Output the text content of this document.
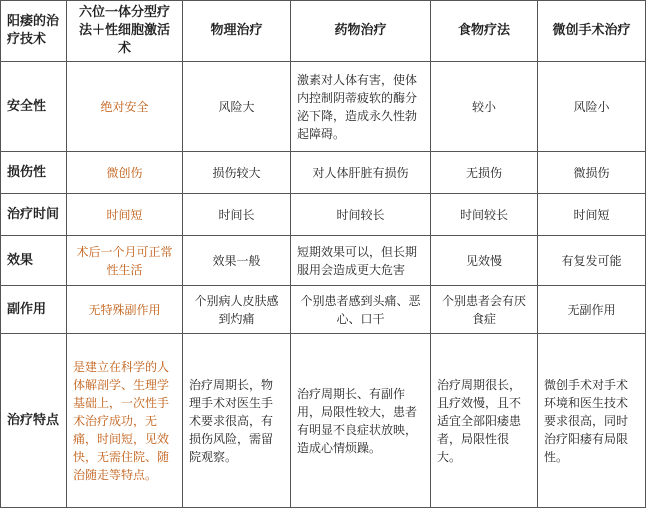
阳痿的治疗技术	六位一体分型疗法＋性细胞激活术	物理治疗	药物治疗	食物疗法	微创手术治疗
安全性	绝对安全	风险大	激素对人体有害，使体内控制阴蒂疲软的酶分泌下降，造成永久性勃起障碍。	较小	风险小
损伤性	微创伤	损伤较大	对人体肝脏有损伤	无损伤	微损伤
治疗时间	时间短	时间长	时间较长	时间较长	时间短
效果	术后一个月可正常性生活	效果一般	短期效果可以，但长期服用会造成更大危害	见效慢	有复发可能
副作用	无特殊副作用	个别病人皮肤感到灼痛	个别患者感到头痛、恶心、口干	个别患者会有厌食症	无副作用
治疗特点	是建立在科学的人体解剖学、生理学基础上，一次性手术治疗成功，无痛，时间短，见效快，无需住院、随治随走等特点。	治疗周期长，物理手术对医生手术要求很高，有损伤风险，需留院观察。	治疗周期长、有副作用，局限性较大，患者有明显不良症状放映，造成心情烦躁。	治疗周期很长，且疗效慢，且不适宜全部阳痿患者，局限性很大。	微创手术对手术环境和医生技术要求很高，同时治疗阳痿有局限性。
